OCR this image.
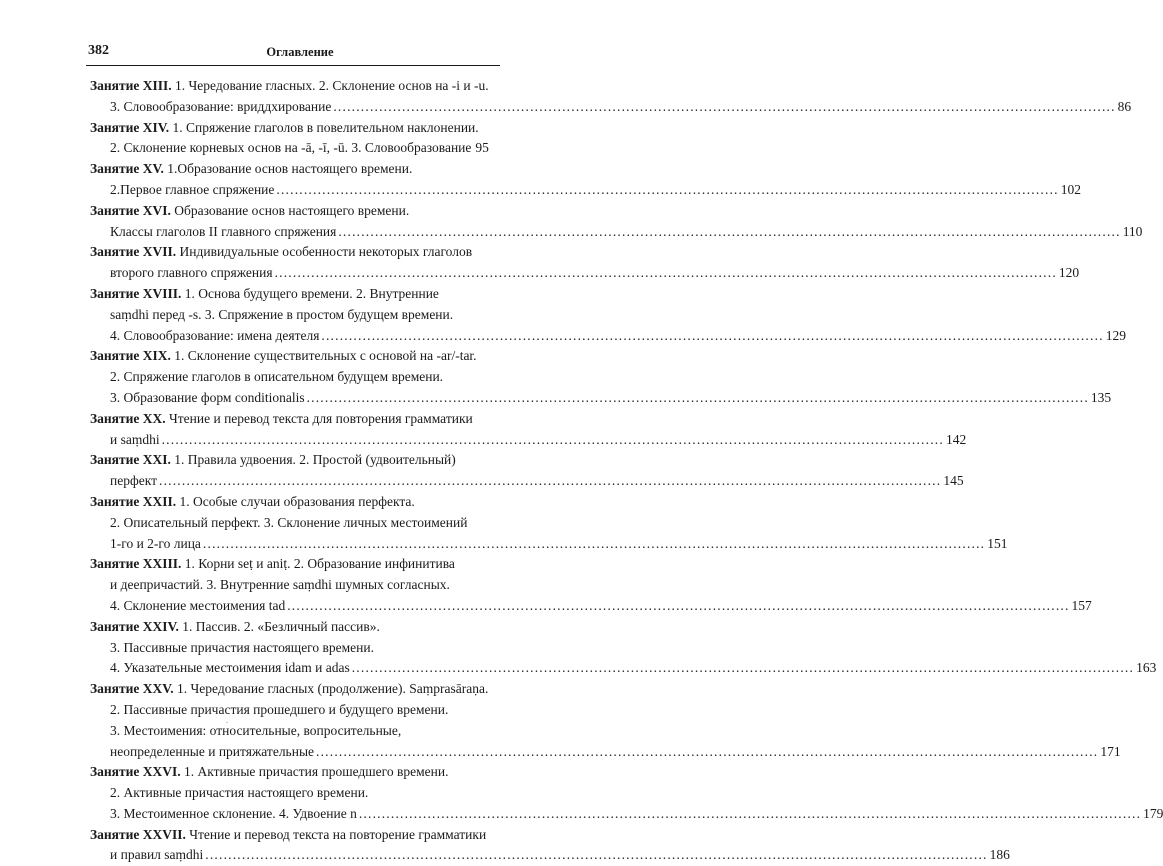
382	Оглавление
Занятие XIII. 1. Чередование гласных. 2. Склонение основ на -i и -u.
3. Словообразование: вриддхирование .....	86
Занятие XIV. 1. Спряжение глаголов в повелительном наклонении.
2. Склонение корневых основ на -ā, -ī, -ū. 3. Словообразование ..... 95
Занятие XV. 1.Образование основ настоящего времени.
2.Первое главное спряжение .....	102
Занятие XVI. Образование основ настоящего времени.
Классы глаголов II главного спряжения .....	110
Занятие XVII. Индивидуальные особенности некоторых глаголов
второго главного спряжения .....	120
Занятие XVIII. 1. Основа будущего времени. 2. Внутренние
saṃdhi перед -s. 3. Спряжение в простом будущем времени.
4. Словообразование: имена деятеля .....	129
Занятие XIX. 1. Склонение существительных с основой на -ar/-tar.
2. Спряжение глаголов в описательном будущем времени.
3. Образование форм conditionalis .....	135
Занятие XX. Чтение и перевод текста для повторения грамматики
и saṃdhi .....	142
Занятие XXI. 1. Правила удвоения. 2. Простой (удвоительный)
перфект .....	145
Занятие XXII. 1. Особые случаи образования перфекта.
2. Описательный перфект. 3. Склонение личных местоимений
1-го и 2-го лица .....	151
Занятие XXIII. 1. Корни seṭ и aniṭ. 2. Образование инфинитива
и деепричастий. 3. Внутренние saṃdhi шумных согласных.
4. Склонение местоимения tad .....	157
Занятие XXIV. 1. Пассив. 2. «Безличный пассив».
3. Пассивные причастия настоящего времени.
4. Указательные местоимения idam и adas .....	163
Занятие XXV. 1. Чередование гласных (продолжение). Saṃprasāraṇa.
2. Пассивные причастия прошедшего и будущего времени.
3. Местоимения: относительные, вопросительные,
неопределенные и притяжательные .....	171
Занятие XXVI. 1. Активные причастия прошедшего времени.
2. Активные причастия настоящего времени.
3. Местоименное склонение. 4. Удвоение n .....	179
Занятие XXVII. Чтение и перевод текста на повторение грамматики
и правил saṃdhi .....	186
.
